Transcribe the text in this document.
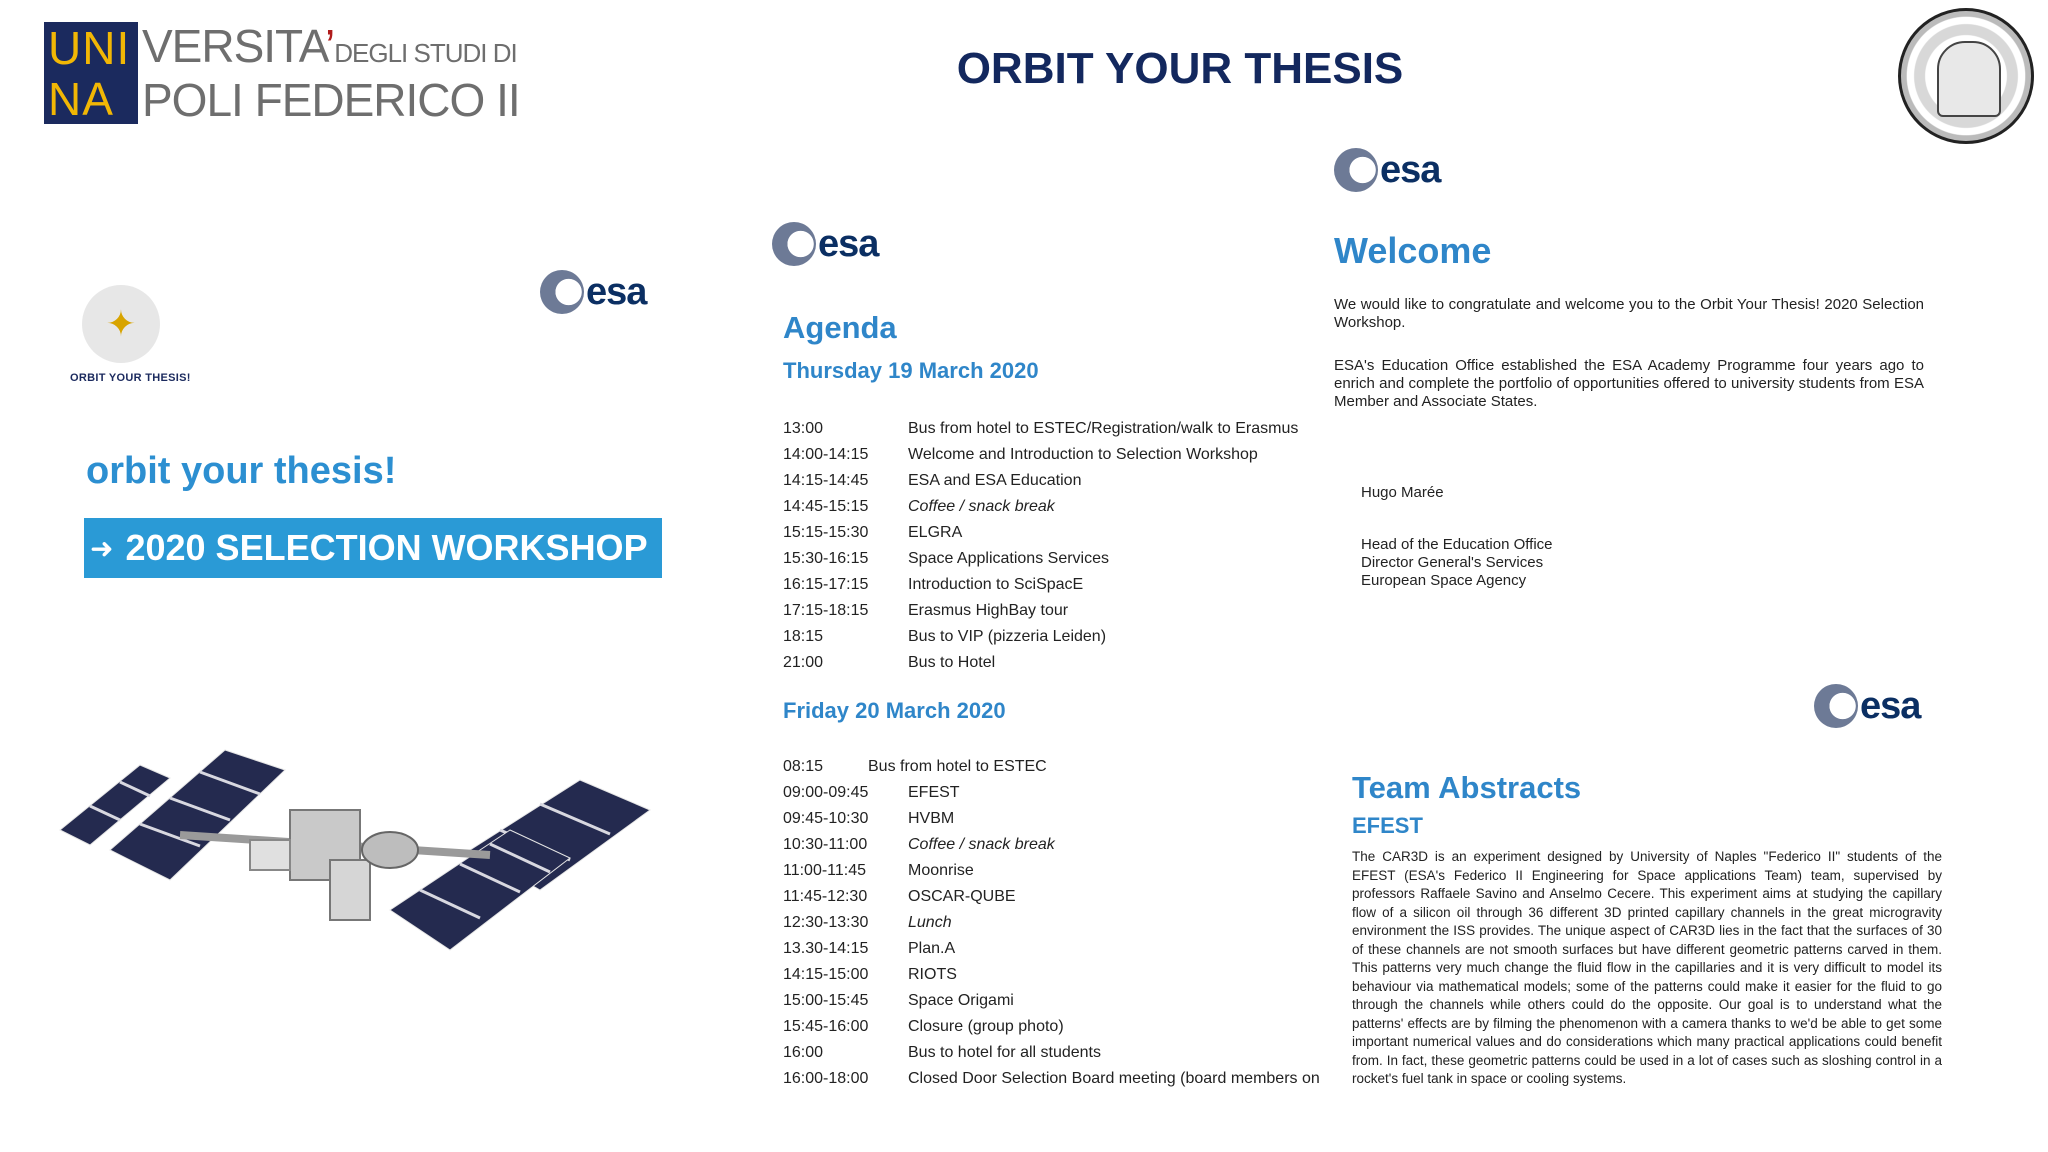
UNI
NA
VERSITA’DEGLI STUDI DI
POLI FEDERICO II
ORBIT YOUR THESIS
✦
ORBIT YOUR THESIS!
esa
orbit your thesis!
➜ 2020 SELECTION WORKSHOP
esa
Agenda
Thursday 19 March 2020
13:00	Bus from hotel to ESTEC/Registration/walk to Erasmus
14:00-14:15 Welcome and Introduction to Selection Workshop
14:15-14:45 ESA and ESA Education
14:45-15:15 Coffee / snack break
15:15-15:30 ELGRA
15:30-16:15 Space Applications Services
16:15-17:15 Introduction to SciSpacE
17:15-18:15 Erasmus HighBay tour
18:15	Bus to VIP (pizzeria Leiden)
21:00	Bus to Hotel
Friday 20 March 2020
08:15	Bus from hotel to ESTEC
09:00-09:45 EFEST
09:45-10:30 HVBM
10:30-11:00	Coffee / snack break
11:00-11:45	Moonrise
11:45-12:30	OSCAR-QUBE
12:30-13:30 Lunch
13.30-14:15 Plan.A
14:15-15:00 RIOTS
15:00-15:45 Space Origami
15:45-16:00 Closure (group photo)
16:00	Bus to hotel for all students
16:00-18:00 Closed Door Selection Board meeting (board members on
esa
Welcome
We would like to congratulate and welcome you to the Orbit Your Thesis! 2020 Selection Workshop.
ESA's Education Office established the ESA Academy Programme four years ago to enrich and complete the portfolio of opportunities offered to university students from ESA Member and Associate States.
Hugo Marée
Head of the Education Office
Director General's Services
European Space Agency
esa
Team Abstracts
EFEST
The CAR3D is an experiment designed by University of Naples "Federico II" students of the EFEST (ESA's Federico II Engineering for Space applications Team) team, supervised by professors Raffaele Savino and Anselmo Cecere. This experiment aims at studying the capillary flow of a silicon oil through 36 different 3D printed capillary channels in the great microgravity environment the ISS provides. The unique aspect of CAR3D lies in the fact that the surfaces of 30 of these channels are not smooth surfaces but have different geometric patterns carved in them. This patterns very much change the fluid flow in the capillaries and it is very difficult to model its behaviour via mathematical models; some of the patterns could make it easier for the fluid to go through the channels while others could do the opposite. Our goal is to understand what the patterns' effects are by filming the phenomenon with a camera thanks to we'd be able to get some important numerical values and do considerations which many practical applications could benefit from. In fact, these geometric patterns could be used in a lot of cases such as sloshing control in a rocket's fuel tank in space or cooling systems.
